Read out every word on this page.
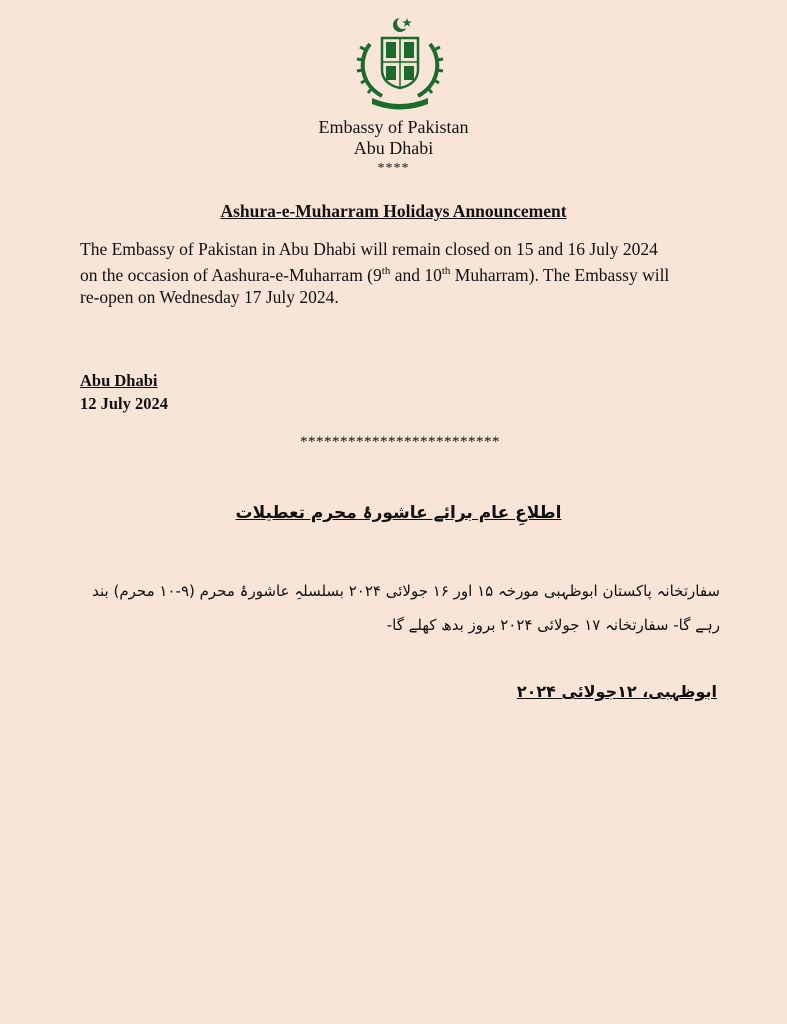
Embassy of Pakistan
Abu Dhabi
****
Ashura-e-Muharram Holidays Announcement
The Embassy of Pakistan in Abu Dhabi will remain closed on 15 and 16 July 2024
on the occasion of Aashura-e-Muharram (9th and 10th Muharram). The Embassy will
re-open on Wednesday 17 July 2024.
Abu Dhabi
12 July 2024
*************************
اطلاعِ عام برائے عاشورۂ محرم تعطیلات
سفارتخانہ پاکستان ابوظہبی مورخہ ۱۵ اور ۱۶ جولائی ۲۰۲۴ بسلسلہِ عاشورۂ محرم (۹-۱۰ محرم) بند رہے گا- سفارتخانہ ۱۷ جولائی ۲۰۲۴ بروز بدھ کھلے گا-
ابوظہبی، ۱۲جولائی ۲۰۲۴
